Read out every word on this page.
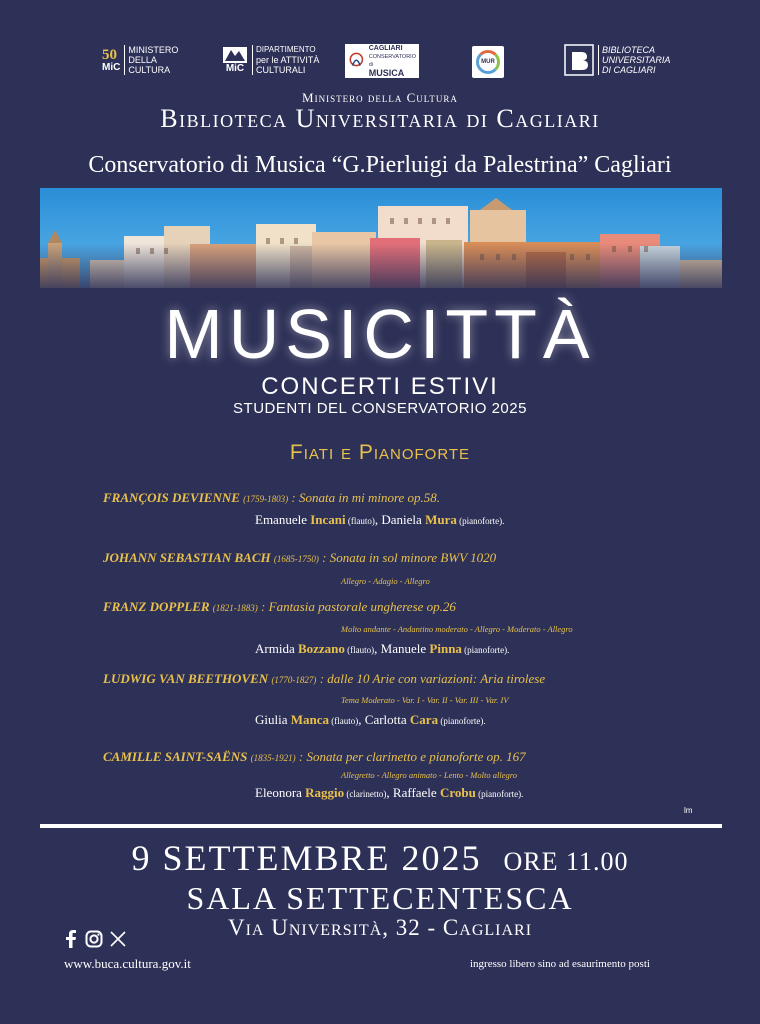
50
MiC
MINISTERO
DELLA
CULTURA	MiC
DIPARTIMENTO
per le ATTIVITÀ
CULTURALI
CAGLIARI
CONSERVATORIO di
MUSICA
MUR
BIBLIOTECA
UNIVERSITARIA
DI CAGLIARI
Ministero della Cultura
Biblioteca Universitaria di Cagliari
Conservatorio di Musica “G.Pierluigi da Palestrina” Cagliari
MUSICITTÀ
CONCERTI ESTIVI
STUDENTI DEL CONSERVATORIO 2025
Fiati e Pianoforte
FRANÇOIS DEVIENNE (1759-1803) : Sonata in mi minore op.58.
Emanuele Incani (flauto), Daniela Mura (pianoforte).
JOHANN SEBASTIAN BACH (1685-1750) : Sonata in sol minore BWV 1020
Allegro - Adagio - Allegro
FRANZ DOPPLER (1821-1883) : Fantasia pastorale ungherese op.26
Molto andante - Andantino moderato - Allegro - Moderato - Allegro
Armida Bozzano (flauto), Manuele Pinna (pianoforte).
LUDWIG VAN BEETHOVEN (1770-1827) : dalle 10 Arie con variazioni: Aria tirolese
Tema Moderato - Var. I - Var. II - Var. III - Var. IV
Giulia Manca (flauto), Carlotta Cara (pianoforte).
CAMILLE SAINT-SAËNS (1835-1921) : Sonata per clarinetto e pianoforte op. 167
Allegretto - Allegro animato - Lento - Molto allegro
Eleonora Raggio (clarinetto), Raffaele Crobu (pianoforte).
lm
9 SETTEMBRE 2025 ORE 11.00
SALA SETTECENTESCA
Via Università, 32 - Cagliari
www.buca.cultura.gov.it	ingresso libero sino ad esaurimento posti
